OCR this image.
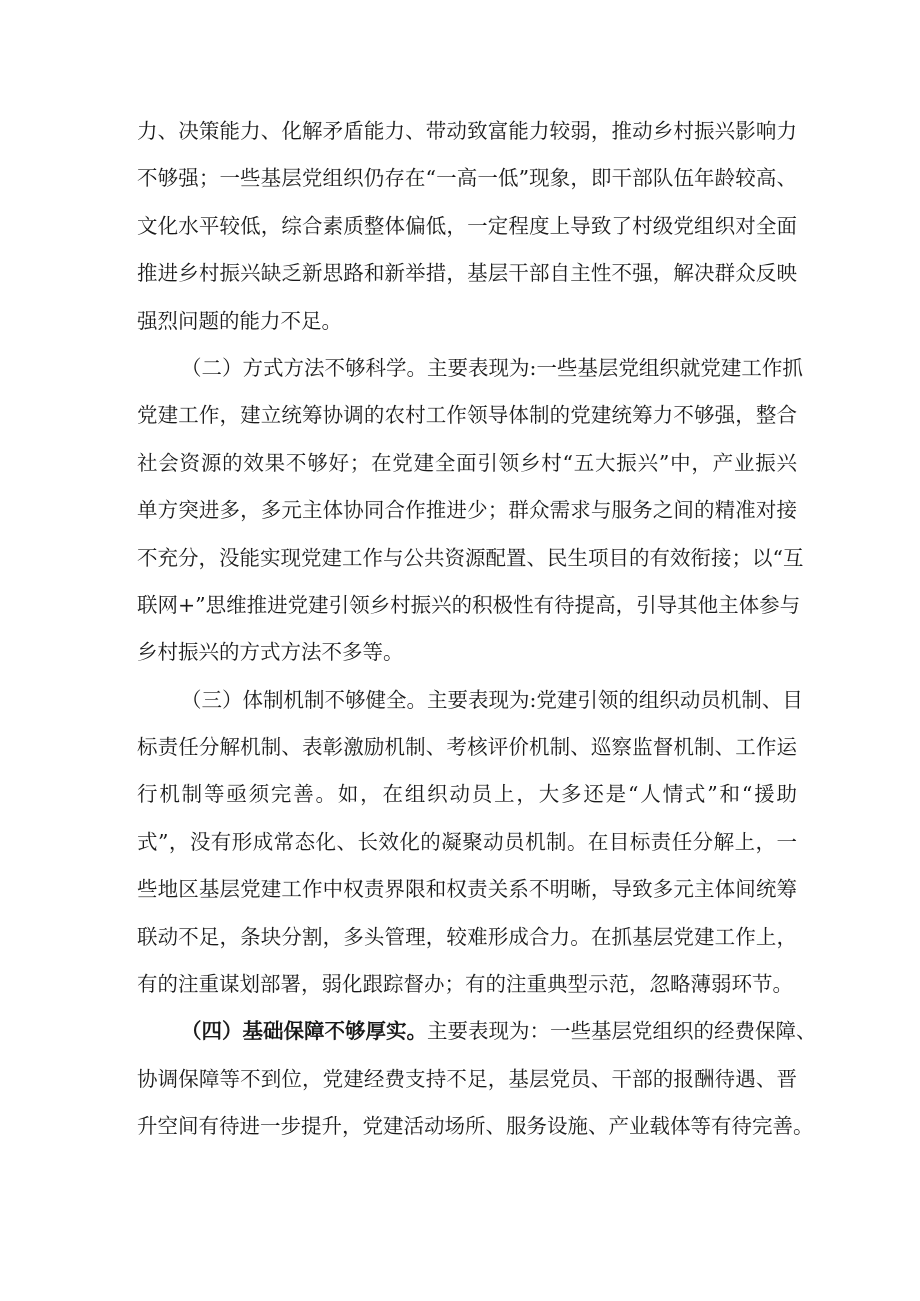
力、决策能力、化解矛盾能力、带动致富能力较弱，推动乡村振兴影响力
不够强；一些基层党组织仍存在“一高一低”现象，即干部队伍年龄较高、
文化水平较低，综合素质整体偏低，一定程度上导致了村级党组织对全面
推进乡村振兴缺乏新思路和新举措，基层干部自主性不强，解决群众反映
强烈问题的能力不足。
（二）方式方法不够科学。主要表现为:一些基层党组织就党建工作抓
党建工作，建立统筹协调的农村工作领导体制的党建统筹力不够强，整合
社会资源的效果不够好；在党建全面引领乡村“五大振兴”中，产业振兴
单方突进多，多元主体协同合作推进少；群众需求与服务之间的精准对接
不充分，没能实现党建工作与公共资源配置、民生项目的有效衔接；以“互
联网+”思维推进党建引领乡村振兴的积极性有待提高，引导其他主体参与
乡村振兴的方式方法不多等。
（三）体制机制不够健全。主要表现为:党建引领的组织动员机制、目
标责任分解机制、表彰激励机制、考核评价机制、巡察监督机制、工作运
行机制等亟须完善。如，在组织动员上，大多还是“人情式”和“援助
式”，没有形成常态化、长效化的凝聚动员机制。在目标责任分解上，一
些地区基层党建工作中权责界限和权责关系不明晰，导致多元主体间统筹
联动不足，条块分割，多头管理，较难形成合力。在抓基层党建工作上，
有的注重谋划部署，弱化跟踪督办；有的注重典型示范，忽略薄弱环节。
（四）基础保障不够厚实。主要表现为：一些基层党组织的经费保障、
协调保障等不到位，党建经费支持不足，基层党员、干部的报酬待遇、晋
升空间有待进一步提升，党建活动场所、服务设施、产业载体等有待完善。
